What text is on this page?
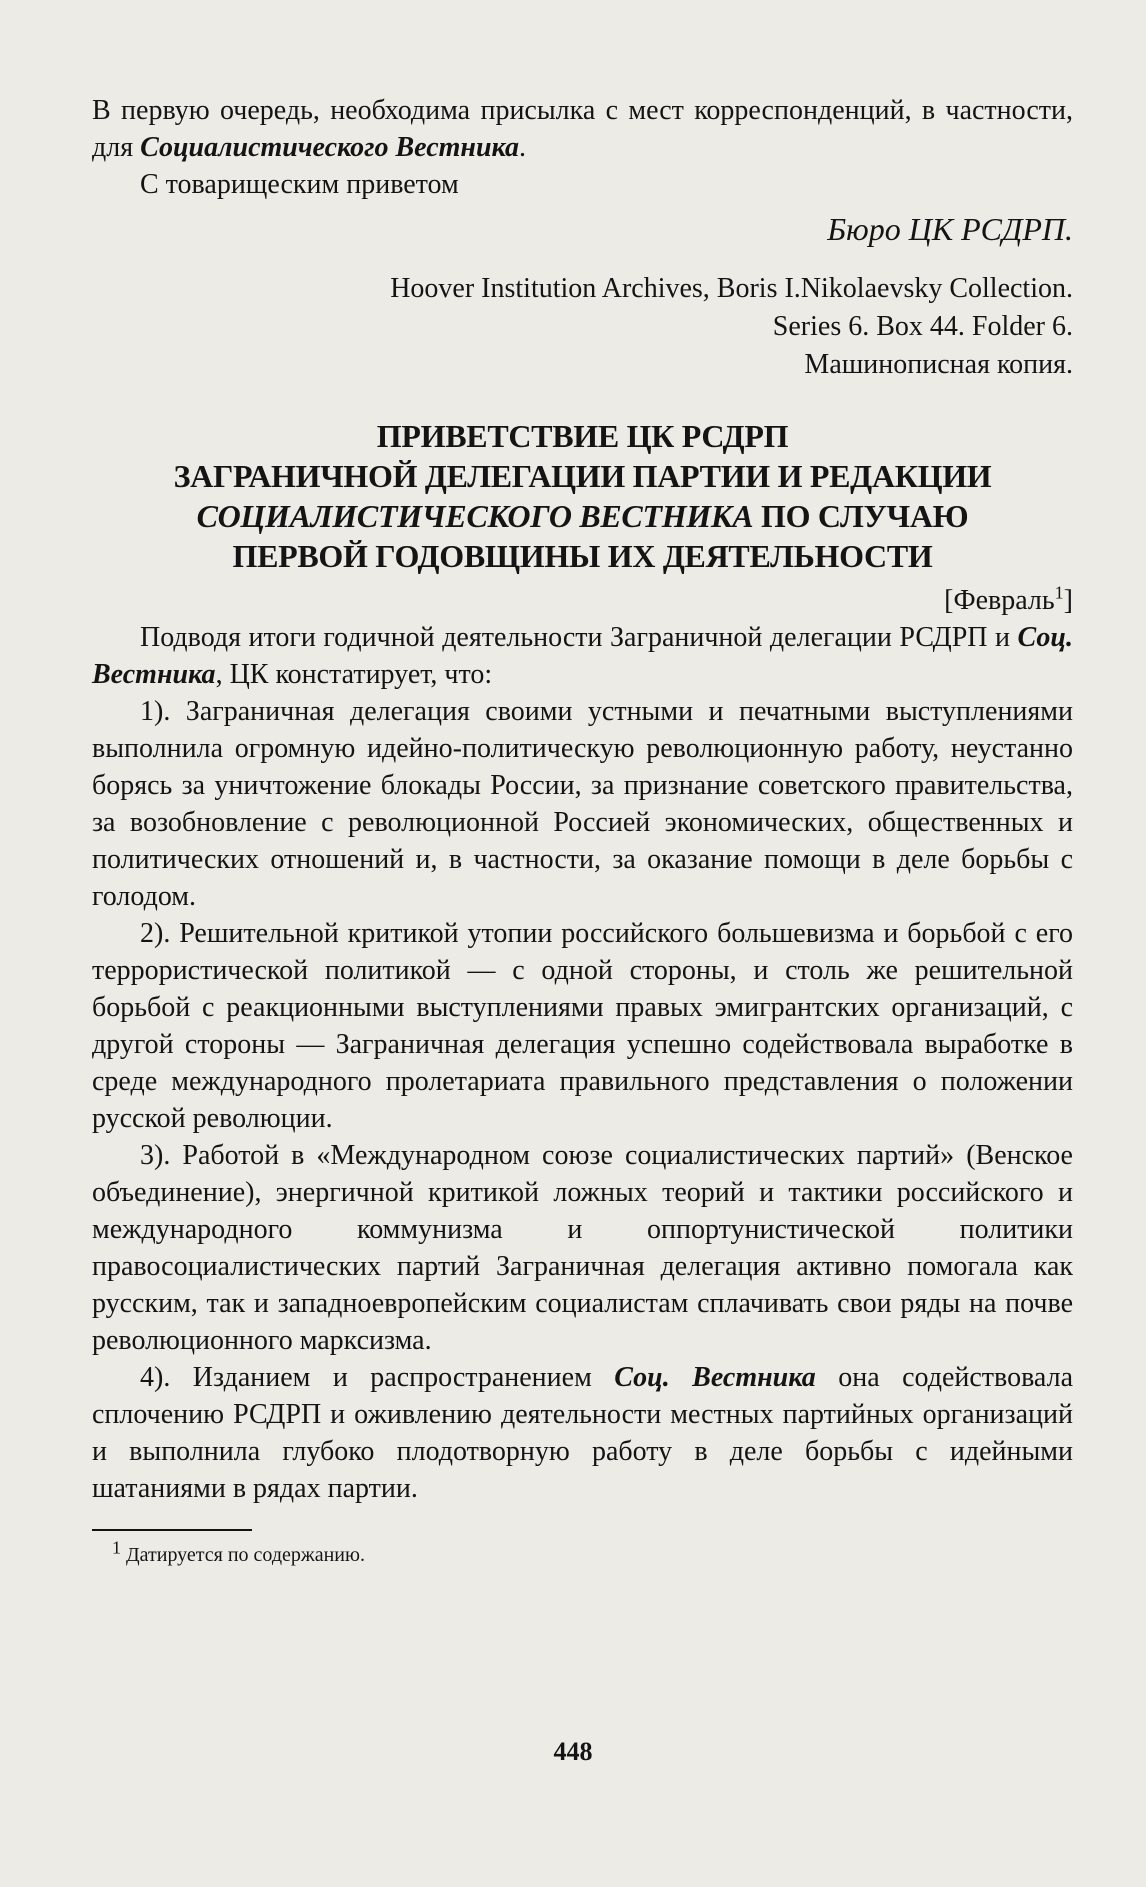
В первую очередь, необходима присылка с мест корреспонденций, в частности, для Социалистического Вестника.

С товарищеским приветом

Бюро ЦК РСДРП.

Hoover Institution Archives, Boris I.Nikolaevsky Collection.
Series 6. Box 44. Folder 6.
Машинописная копия.
ПРИВЕТСТВИЕ ЦК РСДРП
ЗАГРАНИЧНОЙ ДЕЛЕГАЦИИ ПАРТИИ И РЕДАКЦИИ
СОЦИАЛИСТИЧЕСКОГО ВЕСТНИКА ПО СЛУЧАЮ
ПЕРВОЙ ГОДОВЩИНЫ ИХ ДЕЯТЕЛЬНОСТИ

[Февраль$^1$]

Подводя итоги годичной деятельности Заграничной делегации РСДРП и Соц. Вестника, ЦК констатирует, что:

1). Заграничная делегация своими устными и печатными выступлениями выполнила огромную идейно-политическую революционную работу, неустанно борясь за уничтожение блокады России, за признание советского правительства, за возобновление с революционной Россией экономических, общественных и политических отношений и, в частности, за оказание помощи в деле борьбы с голодом.

2). Решительной критикой утопии российского большевизма и борьбой с его террористической политикой — с одной стороны, и столь же решительной борьбой с реакционными выступлениями правых эмигрантских организаций, с другой стороны — Заграничная делегация успешно содействовала выработке в среде международного пролетариата правильного представления о положении русской революции.

3). Работой в «Международном союзе социалистических партий» (Венское объединение), энергичной критикой ложных теорий и тактики российского и международного коммунизма и оппортунистической политики правосоциалистических партий Заграничная делегация активно помогала как русским, так и западноевропейским социалистам сплачивать свои ряды на почве революционного марксизма.

4). Изданием и распространением Соц. Вестника она содействовала сплочению РСДРП и оживлению деятельности местных партийных организаций и выполнила глубоко плодотворную работу в деле борьбы с идейными шатаниями в рядах партии.

$^1$ Датируется по содержанию.

448
